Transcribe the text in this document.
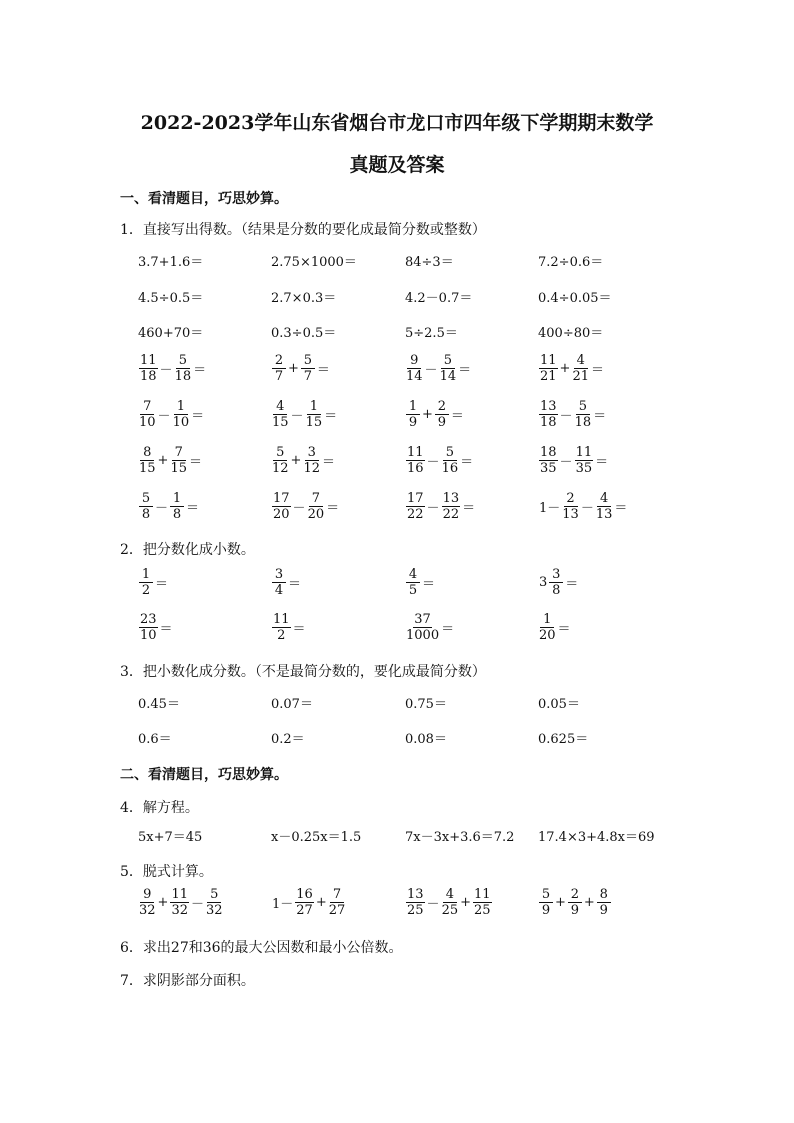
2022-2023学年山东省烟台市龙口市四年级下学期期末数学
真题及答案
一、看清题目，巧思妙算。
1．直接写出得数。（结果是分数的要化成最简分数或整数）
3.7+1.6＝	2.75×1000＝	84÷3＝	7.2÷0.6＝
4.5÷0.5＝	2.7×0.3＝	4.2－0.7＝	0.4÷0.05＝
460+70＝	0.3÷0.5＝	5÷2.5＝	400÷80＝
$\frac{11}{18} - \frac{5}{18}$ ＝	$\frac{2}{7} + \frac{5}{7}$ ＝	$\frac{9}{14} - \frac{5}{14}$ ＝	$\frac{11}{21} + \frac{4}{21}$ ＝
$\frac{7}{10} - \frac{1}{10}$ ＝	$\frac{4}{15} - \frac{1}{15}$ ＝	$\frac{1}{9} + \frac{2}{9}$ ＝	$\frac{13}{18} - \frac{5}{18}$ ＝
$\frac{8}{15} + \frac{7}{15}$ ＝	$\frac{5}{12} + \frac{3}{12}$ ＝	$\frac{11}{16} - \frac{5}{16}$ ＝	$\frac{18}{35} - \frac{11}{35}$ ＝
$\frac{5}{8} - \frac{1}{8}$ ＝	$\frac{17}{20} - \frac{7}{20}$ ＝	$\frac{17}{22} - \frac{13}{22}$ ＝	$1- \frac{2}{13} - \frac{4}{13}$ ＝
2．把分数化成小数。
$\frac{1}{2}$ ＝	$\frac{3}{4}$ ＝	$\frac{4}{5}$ ＝	$3 \frac{3}{8}$ ＝
$\frac{23}{10}$ ＝	$\frac{11}{2}$ ＝	$\frac{37}{1000}$ ＝	$\frac{1}{20}$ ＝
3．把小数化成分数。（不是最简分数的，要化成最简分数）
0.45＝	0.07＝	0.75＝	0.05＝
0.6＝	0.2＝	0.08＝	0.625＝
二、看清题目，巧思妙算。
4．解方程。
5x+7＝45	x－0.25x＝1.5	7x－3x+3.6＝7.2 17.4×3+4.8x＝69
5．脱式计算。
$\frac{9}{32} + \frac{11}{32} - \frac{5}{32}$	$1- \frac{16}{27} + \frac{7}{27}$	$\frac{13}{25} - \frac{4}{25} + \frac{11}{25}$	$\frac{5}{9} + \frac{2}{9} + \frac{8}{9}$
6．求出27和36的最大公因数和最小公倍数。
7．求阴影部分面积。
